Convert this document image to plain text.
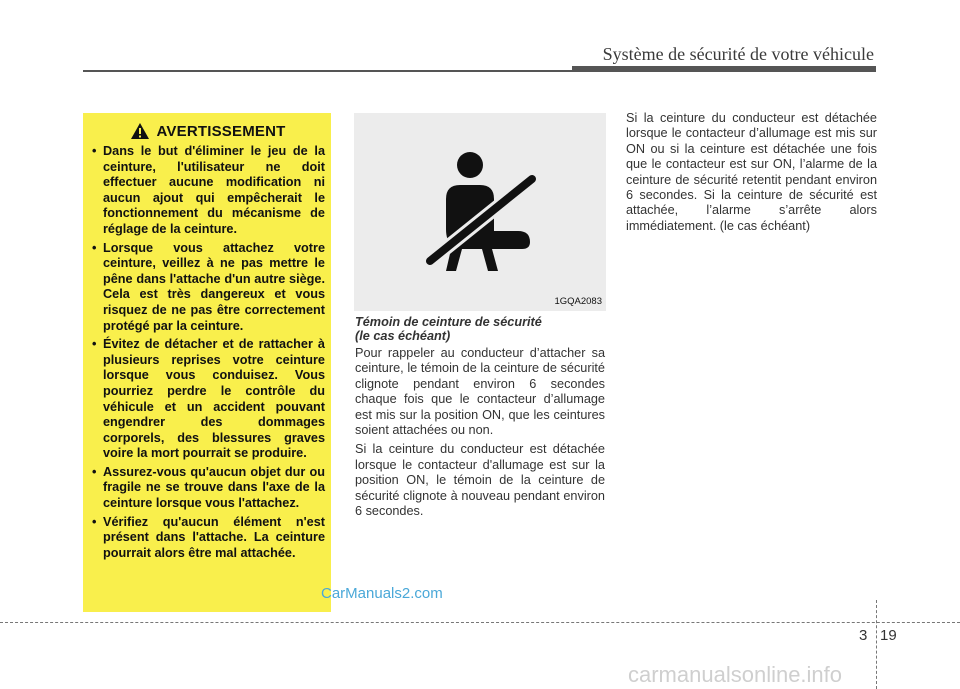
Système de sécurité de votre véhicule
AVERTISSEMENT
• Dans le but d'éliminer le jeu de la ceinture, l'utilisateur ne doit effectuer aucune modification ni aucun ajout qui empêcherait le fonctionnement du mécanisme de réglage de la ceinture.
• Lorsque vous attachez votre ceinture, veillez à ne pas mettre le pêne dans l'attache d'un autre siège. Cela est très dangereux et vous risquez de ne pas être correctement protégé par la ceinture.
• Évitez de détacher et de rattacher à plusieurs reprises votre ceinture lorsque vous conduisez. Vous pourriez perdre le contrôle du véhicule et un accident pouvant engendrer des dommages corporels, des blessures graves voire la mort pourrait se produire.
• Assurez-vous qu'aucun objet dur ou fragile ne se trouve dans l'axe de la ceinture lorsque vous l'attachez.
• Vérifiez qu'aucun élément n'est présent dans l'attache. La ceinture pourrait alors être mal attachée.
1GQA2083

Témoin de ceinture de sécurité
(le cas échéant)

Pour rappeler au conducteur d’attacher sa ceinture, le témoin de la ceinture de sécurité clignote pendant environ 6 secondes chaque fois que le contacteur d’allumage est mis sur la position ON, que les ceintures soient attachées ou non.

Si la ceinture du conducteur est détachée lorsque le contacteur d'allumage est sur la position ON, le témoin de la ceinture de sécurité clignote à nouveau pendant environ 6 secondes.

Si la ceinture du conducteur est détachée lorsque le contacteur d’allumage est mis sur ON ou si la ceinture est détachée une fois que le contacteur est sur ON, l’alarme de la ceinture de sécurité retentit pendant environ 6 secondes. Si la ceinture de sécurité est attachée, l’alarme s’arrête alors immédiatement. (le cas échéant)

CarManuals2.com
3 19
carmanualsonline.info
